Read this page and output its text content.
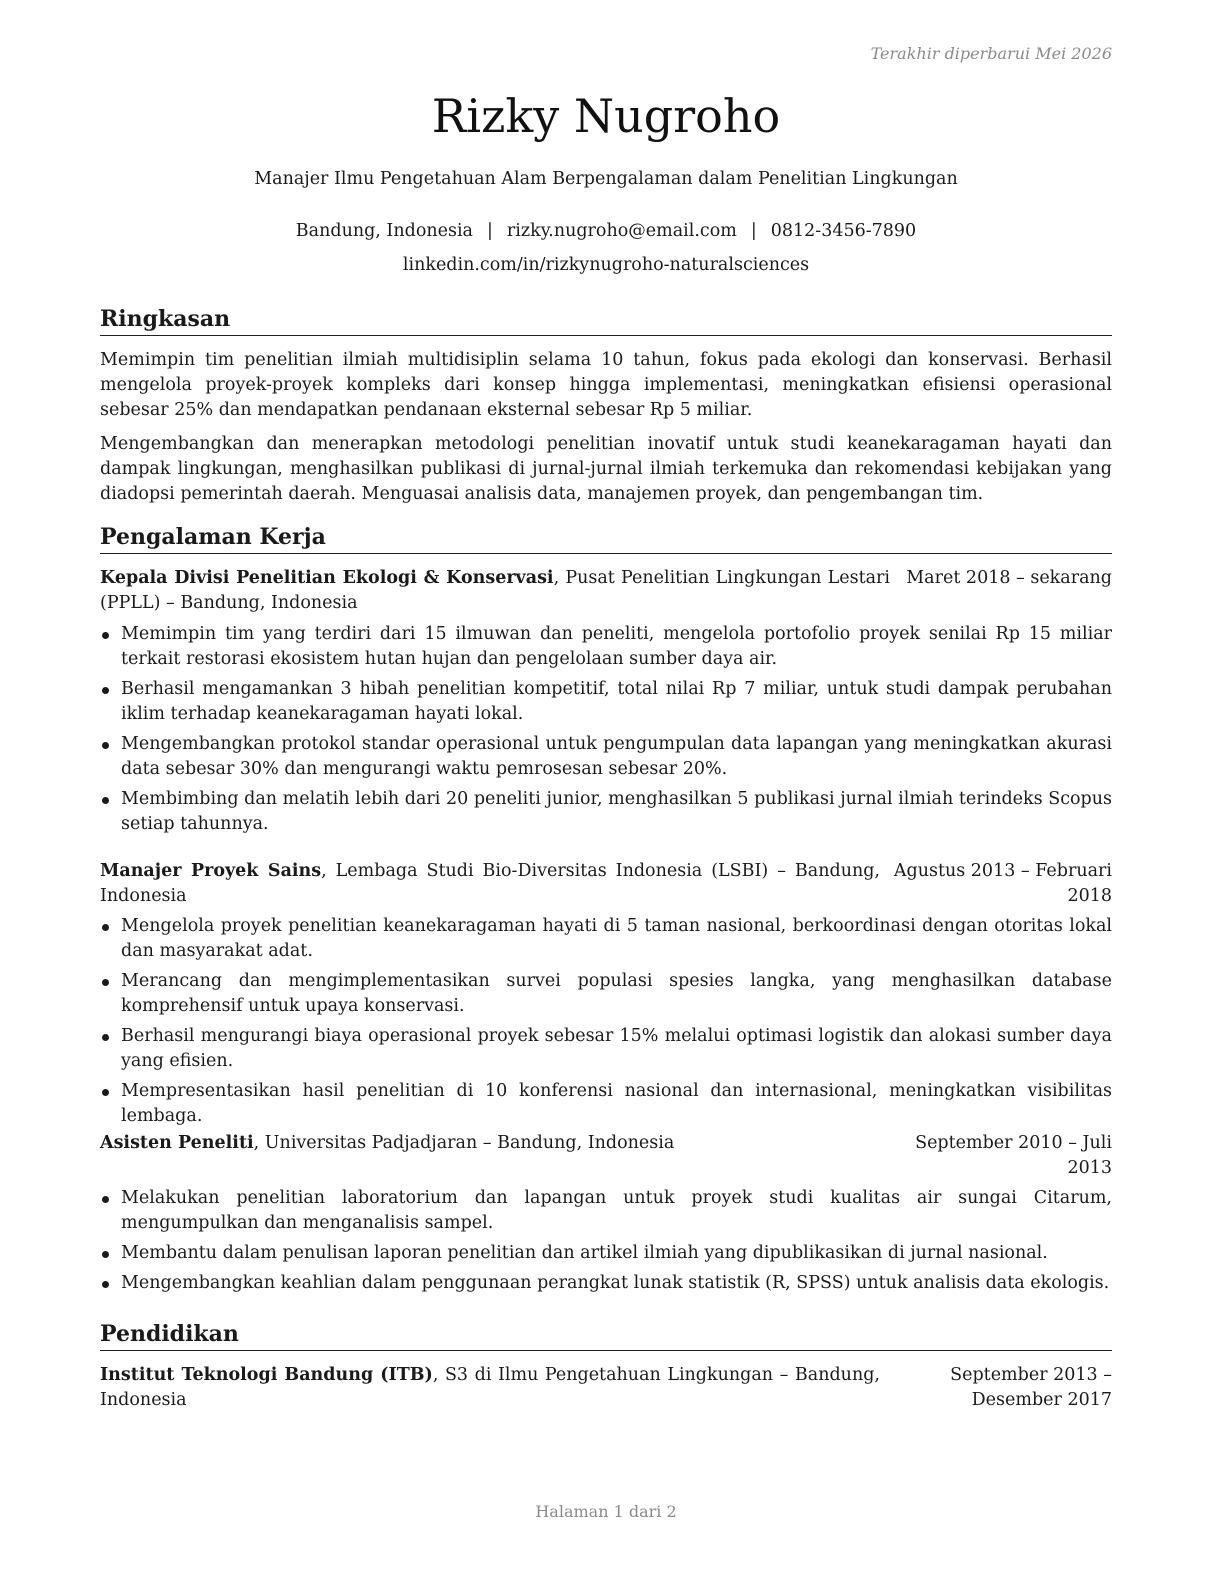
Terakhir diperbarui Mei 2026
Rizky Nugroho
Manajer Ilmu Pengetahuan Alam Berpengalaman dalam Penelitian Lingkungan
Bandung, Indonesia | rizky.nugroho@email.com | 0812-3456-7890
linkedin.com/in/rizkynugroho-naturalsciences
Ringkasan

Memimpin tim penelitian ilmiah multidisiplin selama 10 tahun, fokus pada ekologi dan konservasi. Berhasil mengelola proyek-proyek kompleks dari konsep hingga implementasi, meningkatkan efisiensi operasional sebesar 25% dan mendapatkan pendanaan eksternal sebesar Rp 5 miliar.

Mengembangkan dan menerapkan metodologi penelitian inovatif untuk studi keanekaragaman hayati dan dampak lingkungan, menghasilkan publikasi di jurnal-jurnal ilmiah terkemuka dan rekomendasi kebijakan yang diadopsi pemerintah daerah. Menguasai analisis data, manajemen proyek, dan pengembangan tim.

Pengalaman Kerja
Kepala Divisi Penelitian Ekologi & Konservasi, Pusat Penelitian Lingkungan Lestari (PPLL) – Bandung, Indonesia
Maret 2018 – sekarang
Memimpin tim yang terdiri dari 15 ilmuwan dan peneliti, mengelola portofolio proyek senilai Rp 15 miliar terkait restorasi ekosistem hutan hujan dan pengelolaan sumber daya air.
Berhasil mengamankan 3 hibah penelitian kompetitif, total nilai Rp 7 miliar, untuk studi dampak perubahan iklim terhadap keanekaragaman hayati lokal.
Mengembangkan protokol standar operasional untuk pengumpulan data lapangan yang meningkatkan akurasi data sebesar 30% dan mengurangi waktu pemrosesan sebesar 20%.
Membimbing dan melatih lebih dari 20 peneliti junior, menghasilkan 5 publikasi jurnal ilmiah terindeks Scopus setiap tahunnya.
Manajer Proyek Sains, Lembaga Studi Bio-Diversitas Indonesia (LSBI) – Bandung, Indonesia
Agustus 2013 – Februari 2018
Mengelola proyek penelitian keanekaragaman hayati di 5 taman nasional, berkoordinasi dengan otoritas lokal dan masyarakat adat.
Merancang dan mengimplementasikan survei populasi spesies langka, yang menghasilkan database komprehensif untuk upaya konservasi.
Berhasil mengurangi biaya operasional proyek sebesar 15% melalui optimasi logistik dan alokasi sumber daya yang efisien.
Mempresentasikan hasil penelitian di 10 konferensi nasional dan internasional, meningkatkan visibilitas lembaga.
Asisten Peneliti, Universitas Padjadjaran – Bandung, Indonesia	September 2010 – Juli 2013
Melakukan penelitian laboratorium dan lapangan untuk proyek studi kualitas air sungai Citarum, mengumpulkan dan menganalisis sampel.
Membantu dalam penulisan laporan penelitian dan artikel ilmiah yang dipublikasikan di jurnal nasional.
Mengembangkan keahlian dalam penggunaan perangkat lunak statistik (R, SPSS) untuk analisis data ekologis.
Pendidikan
Institut Teknologi Bandung (ITB), S3 di Ilmu Pengetahuan Lingkungan – Bandung, Indonesia
September 2013 – Desember 2017
Halaman 1 dari 2
